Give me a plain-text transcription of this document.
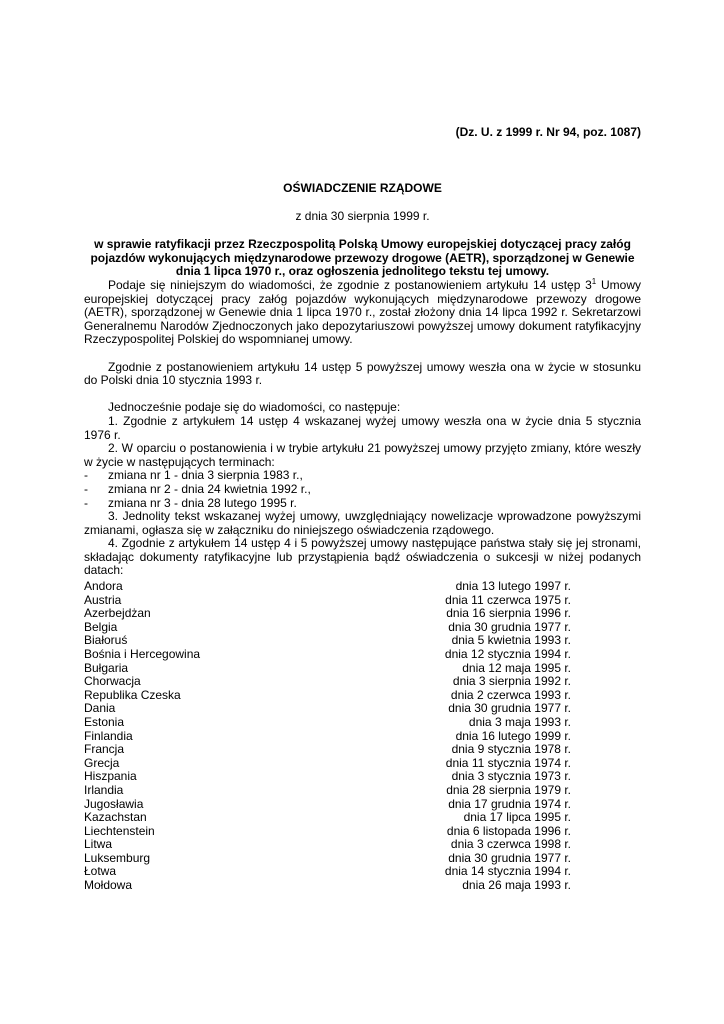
(Dz. U. z 1999 r. Nr 94, poz. 1087)
OŚWIADCZENIE RZĄDOWE
z dnia 30 sierpnia 1999 r.
w sprawie ratyfikacji przez Rzeczpospolitą Polską Umowy europejskiej dotyczącej pracy załóg pojazdów wykonujących międzynarodowe przewozy drogowe (AETR), sporządzonej w Genewie dnia 1 lipca 1970 r., oraz ogłoszenia jednolitego tekstu tej umowy.

Podaje się niniejszym do wiadomości, że zgodnie z postanowieniem artykułu 14 ustęp $3^1$ Umowy europejskiej dotyczącej pracy załóg pojazdów wykonujących międzynarodowe przewozy drogowe (AETR), sporządzonej w Genewie dnia 1 lipca 1970 r., został złożony dnia 14 lipca 1992 r. Sekretarzowi Generalnemu Narodów Zjednoczonych jako depozytariuszowi powyższej umowy dokument ratyfikacyjny Rzeczypospolitej Polskiej do wspomnianej umowy.

Zgodnie z postanowieniem artykułu 14 ustęp 5 powyższej umowy weszła ona w życie w stosunku do Polski dnia 10 stycznia 1993 r.

Jednocześnie podaje się do wiadomości, co następuje:

1. Zgodnie z artykułem 14 ustęp 4 wskazanej wyżej umowy weszła ona w życie dnia 5 stycznia 1976 r.

2. W oparciu o postanowienia i w trybie artykułu 21 powyższej umowy przyjęto zmiany, które weszły w życie w następujących terminach:

-	zmiana nr 1 - dnia 3 sierpnia 1983 r.,
-	zmiana nr 2 - dnia 24 kwietnia 1992 r.,
-	zmiana nr 3 - dnia 28 lutego 1995 r.

3. Jednolity tekst wskazanej wyżej umowy, uwzględniający nowelizacje wprowadzone powyższymi zmianami, ogłasza się w załączniku do niniejszego oświadczenia rządowego.

4. Zgodnie z artykułem 14 ustęp 4 i 5 powyższej umowy następujące państwa stały się jej stronami, składając dokumenty ratyfikacyjne lub przystąpienia bądź oświadczenia o sukcesji w niżej podanych datach:

Andora	dnia 13 lutego 1997 r.
Austria	dnia 11 czerwca 1975 r.
Azerbejdżan	dnia 16 sierpnia 1996 r.
Belgia	dnia 30 grudnia 1977 r.
Białoruś	dnia 5 kwietnia 1993 r.
Bośnia i Hercegowina	dnia 12 stycznia 1994 r.
Bułgaria	dnia 12 maja 1995 r.
Chorwacja	dnia 3 sierpnia 1992 r.
Republika Czeska	dnia 2 czerwca 1993 r.
Dania	dnia 30 grudnia 1977 r.
Estonia	dnia 3 maja 1993 r.
Finlandia	dnia 16 lutego 1999 r.
Francja	dnia 9 stycznia 1978 r.
Grecja	dnia 11 stycznia 1974 r.
Hiszpania	dnia 3 stycznia 1973 r.
Irlandia	dnia 28 sierpnia 1979 r.
Jugosławia	dnia 17 grudnia 1974 r.
Kazachstan	dnia 17 lipca 1995 r.
Liechtenstein	dnia 6 listopada 1996 r.
Litwa	dnia 3 czerwca 1998 r.
Luksemburg	dnia 30 grudnia 1977 r.
Łotwa	dnia 14 stycznia 1994 r.
Mołdowa	dnia 26 maja 1993 r.
